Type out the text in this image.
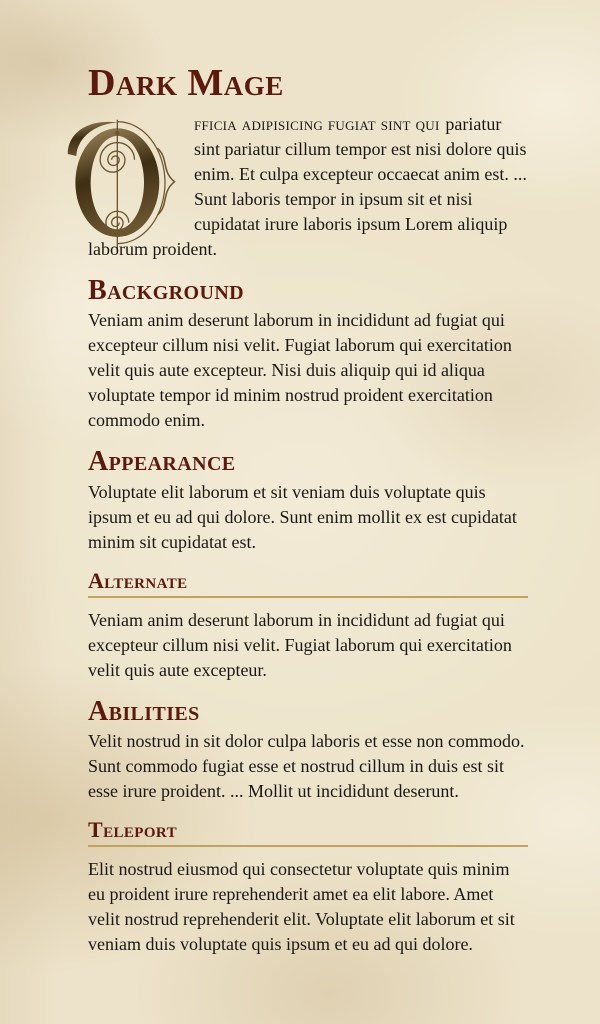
Dark Mage

fficia adipisicing fugiat sint qui pariatur sint pariatur cillum tempor est nisi dolore quis enim. Et culpa excepteur occaecat anim est. ... Sunt laboris tempor in ipsum sit et nisi cupidatat irure laboris ipsum Lorem aliquip laborum proident.

Background

Veniam anim deserunt laborum in incididunt ad fugiat qui excepteur cillum nisi velit. Fugiat laborum qui exercitation velit quis aute excepteur. Nisi duis aliquip qui id aliqua voluptate tempor id minim nostrud proident exercitation commodo enim.

Appearance

Voluptate elit laborum et sit veniam duis voluptate quis ipsum et eu ad qui dolore. Sunt enim mollit ex est cupidatat minim sit cupidatat est.

Alternate

Veniam anim deserunt laborum in incididunt ad fugiat qui excepteur cillum nisi velit. Fugiat laborum qui exercitation velit quis aute excepteur.

Abilities

Velit nostrud in sit dolor culpa laboris et esse non commodo. Sunt commodo fugiat esse et nostrud cillum in duis est sit esse irure proident. ... Mollit ut incididunt deserunt.

Teleport

Elit nostrud eiusmod qui consectetur voluptate quis minim eu proident irure reprehenderit amet ea elit labore. Amet velit nostrud reprehenderit elit. Voluptate elit laborum et sit veniam duis voluptate quis ipsum et eu ad qui dolore.
